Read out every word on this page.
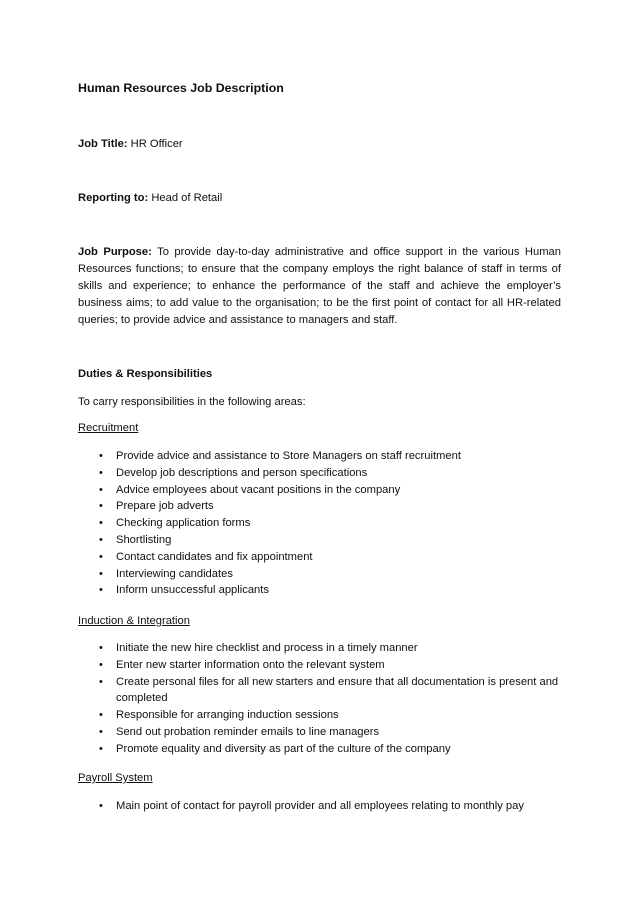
Human Resources Job Description
Job Title: HR Officer
Reporting to: Head of Retail
Job Purpose: To provide day-to-day administrative and office support in the various Human Resources functions; to ensure that the company employs the right balance of staff in terms of skills and experience; to enhance the performance of the staff and achieve the employer’s business aims; to add value to the organisation; to be the first point of contact for all HR-related queries; to provide advice and assistance to managers and staff.
Duties & Responsibilities
To carry responsibilities in the following areas:
Recruitment
• Provide advice and assistance to Store Managers on staff recruitment
• Develop job descriptions and person specifications
• Advice employees about vacant positions in the company
• Prepare job adverts
• Checking application forms
• Shortlisting
• Contact candidates and fix appointment
• Interviewing candidates
• Inform unsuccessful applicants
Induction & Integration
• Initiate the new hire checklist and process in a timely manner
• Enter new starter information onto the relevant system
• Create personal files for all new starters and ensure that all documentation is present and completed
• Responsible for arranging induction sessions
• Send out probation reminder emails to line managers
• Promote equality and diversity as part of the culture of the company
Payroll System
• Main point of contact for payroll provider and all employees relating to monthly pay
